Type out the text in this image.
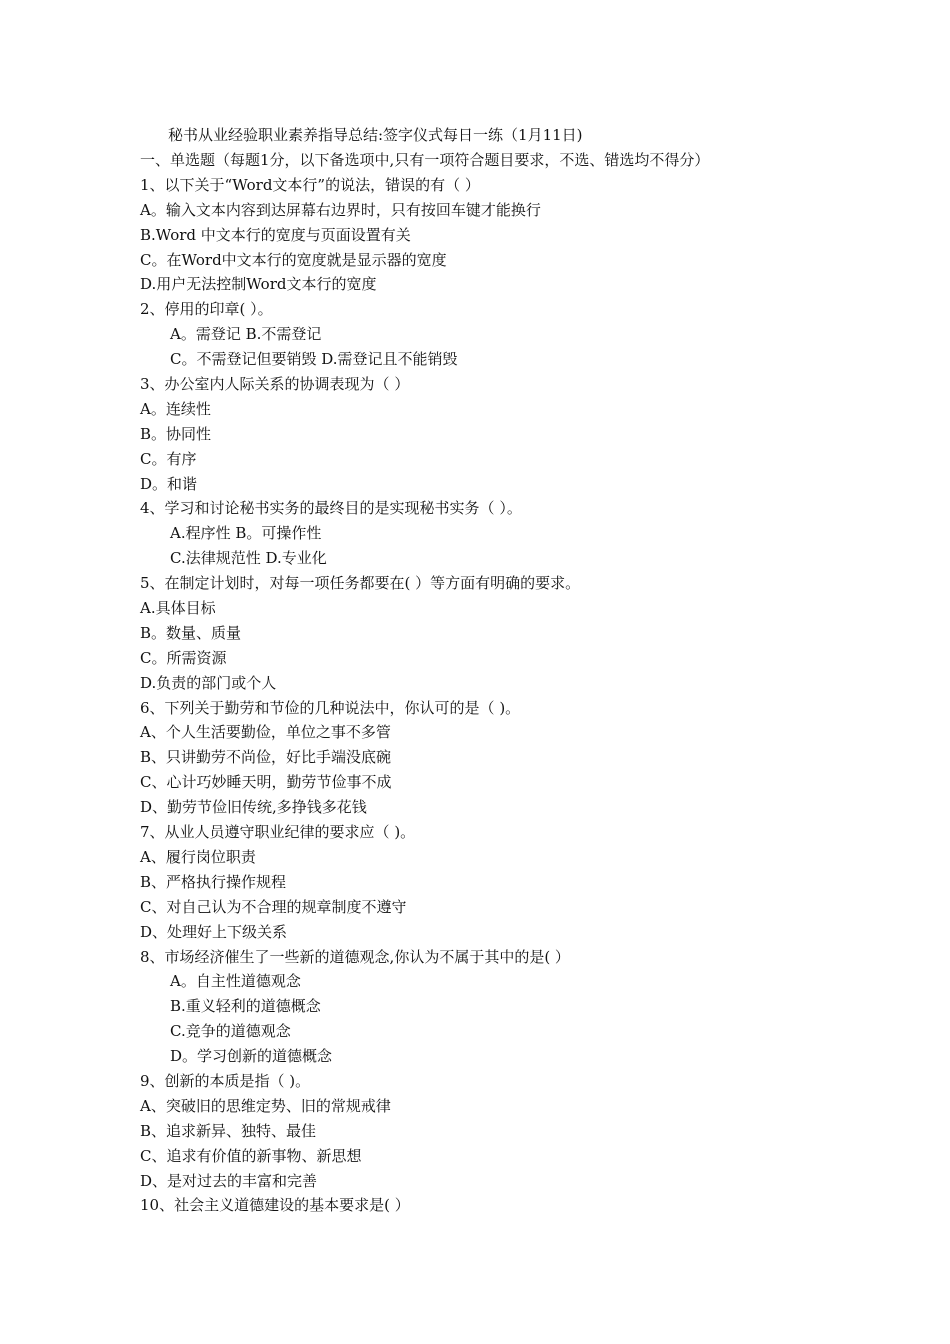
秘书从业经验职业素养指导总结:签字仪式每日一练（1月11日)
一、单选题（每题1分，以下备选项中,只有一项符合题目要求，不选、错选均不得分）
1、以下关于“Word文本行”的说法，错误的有（ ）
A。输入文本内容到达屏幕右边界时，只有按回车键才能换行
B.Word 中文本行的宽度与页面设置有关
C。在Word中文本行的宽度就是显示器的宽度
D.用户无法控制Word文本行的宽度
2、停用的印章( ）。
A。需登记 B.不需登记
C。不需登记但要销毁 D.需登记且不能销毁
3、办公室内人际关系的协调表现为（ ）
A。连续性
B。协同性
C。有序
D。和谐
4、学习和讨论秘书实务的最终目的是实现秘书实务（ ）。
A.程序性 B。可操作性
C.法律规范性 D.专业化
5、在制定计划时，对每一项任务都要在( ）等方面有明确的要求。
A.具体目标
B。数量、质量
C。所需资源
D.负责的部门或个人
6、下列关于勤劳和节俭的几种说法中，你认可的是（ )。
A、个人生活要勤俭，单位之事不多管
B、只讲勤劳不尚俭，好比手端没底碗
C、心计巧妙睡天明，勤劳节俭事不成
D、勤劳节俭旧传统,多挣钱多花钱
7、从业人员遵守职业纪律的要求应（ )。
A、履行岗位职责
B、严格执行操作规程
C、对自己认为不合理的规章制度不遵守
D、处理好上下级关系
8、市场经济催生了一些新的道德观念,你认为不属于其中的是( ）
A。自主性道德观念
B.重义轻利的道德概念
C.竞争的道德观念
D。学习创新的道德概念
9、创新的本质是指（ )。
A、突破旧的思维定势、旧的常规戒律
B、追求新异、独特、最佳
C、追求有价值的新事物、新思想
D、是对过去的丰富和完善
10、社会主义道德建设的基本要求是( ）
